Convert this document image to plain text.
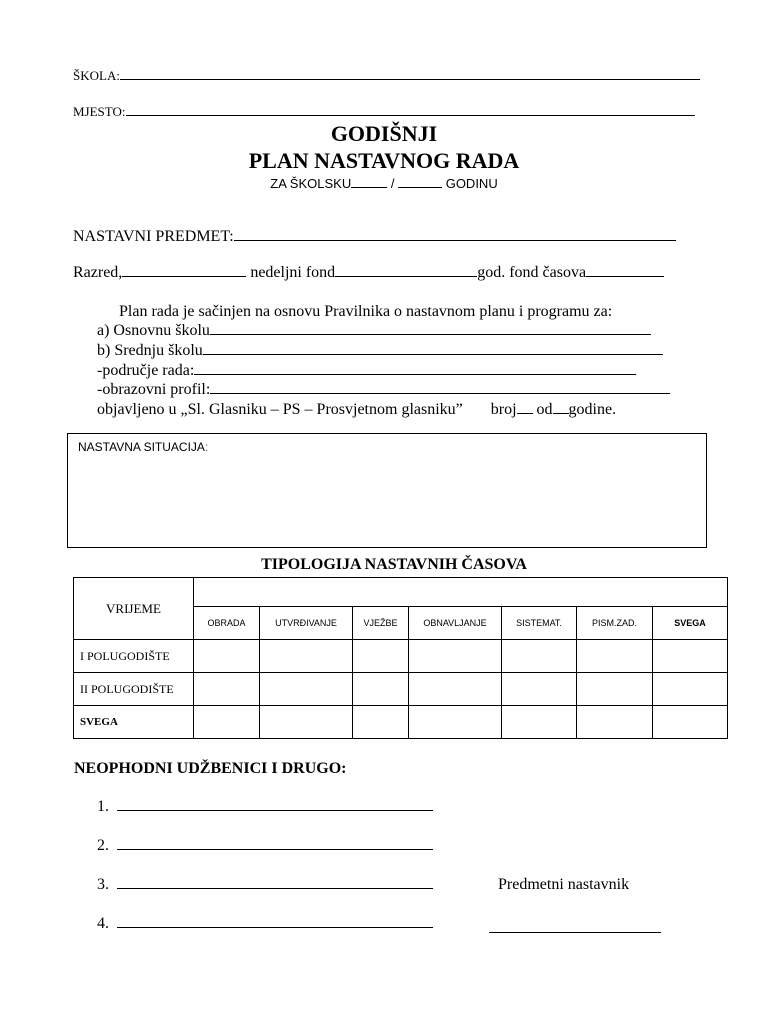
ŠKOLA:
MJESTO:
GODIŠNJI
PLAN NASTAVNOG RADA
ZA ŠKOLSKU	/	GODINU
NASTAVNI PREDMET:
Razred,	nedeljni fond	god. fond časova
Plan rada je sačinjen na osnovu Pravilnika o nastavnom planu i programu za:
a) Osnovnu školu
b) Srednju školu
-područje rada:
-obrazovni profil:
objavljeno u „Sl. Glasniku – PS – Prosvjetnom glasniku” broj od godine.
NASTAVNA SITUACIJA:
TIPOLOGIJA NASTAVNIH ČASOVA
VRIJEME							
	OBRADA	UTVRĐIVANJE	VJEŽBE	OBNAVLJANJE	SISTEMAT.	PISM.ZAD.	SVEGA
I POLUGODIŠTE							
II POLUGODIŠTE							
SVEGA							
NEOPHODNI UDŽBENICI I DRUGO:
1.
2.
3.
4.
Predmetni nastavnik
